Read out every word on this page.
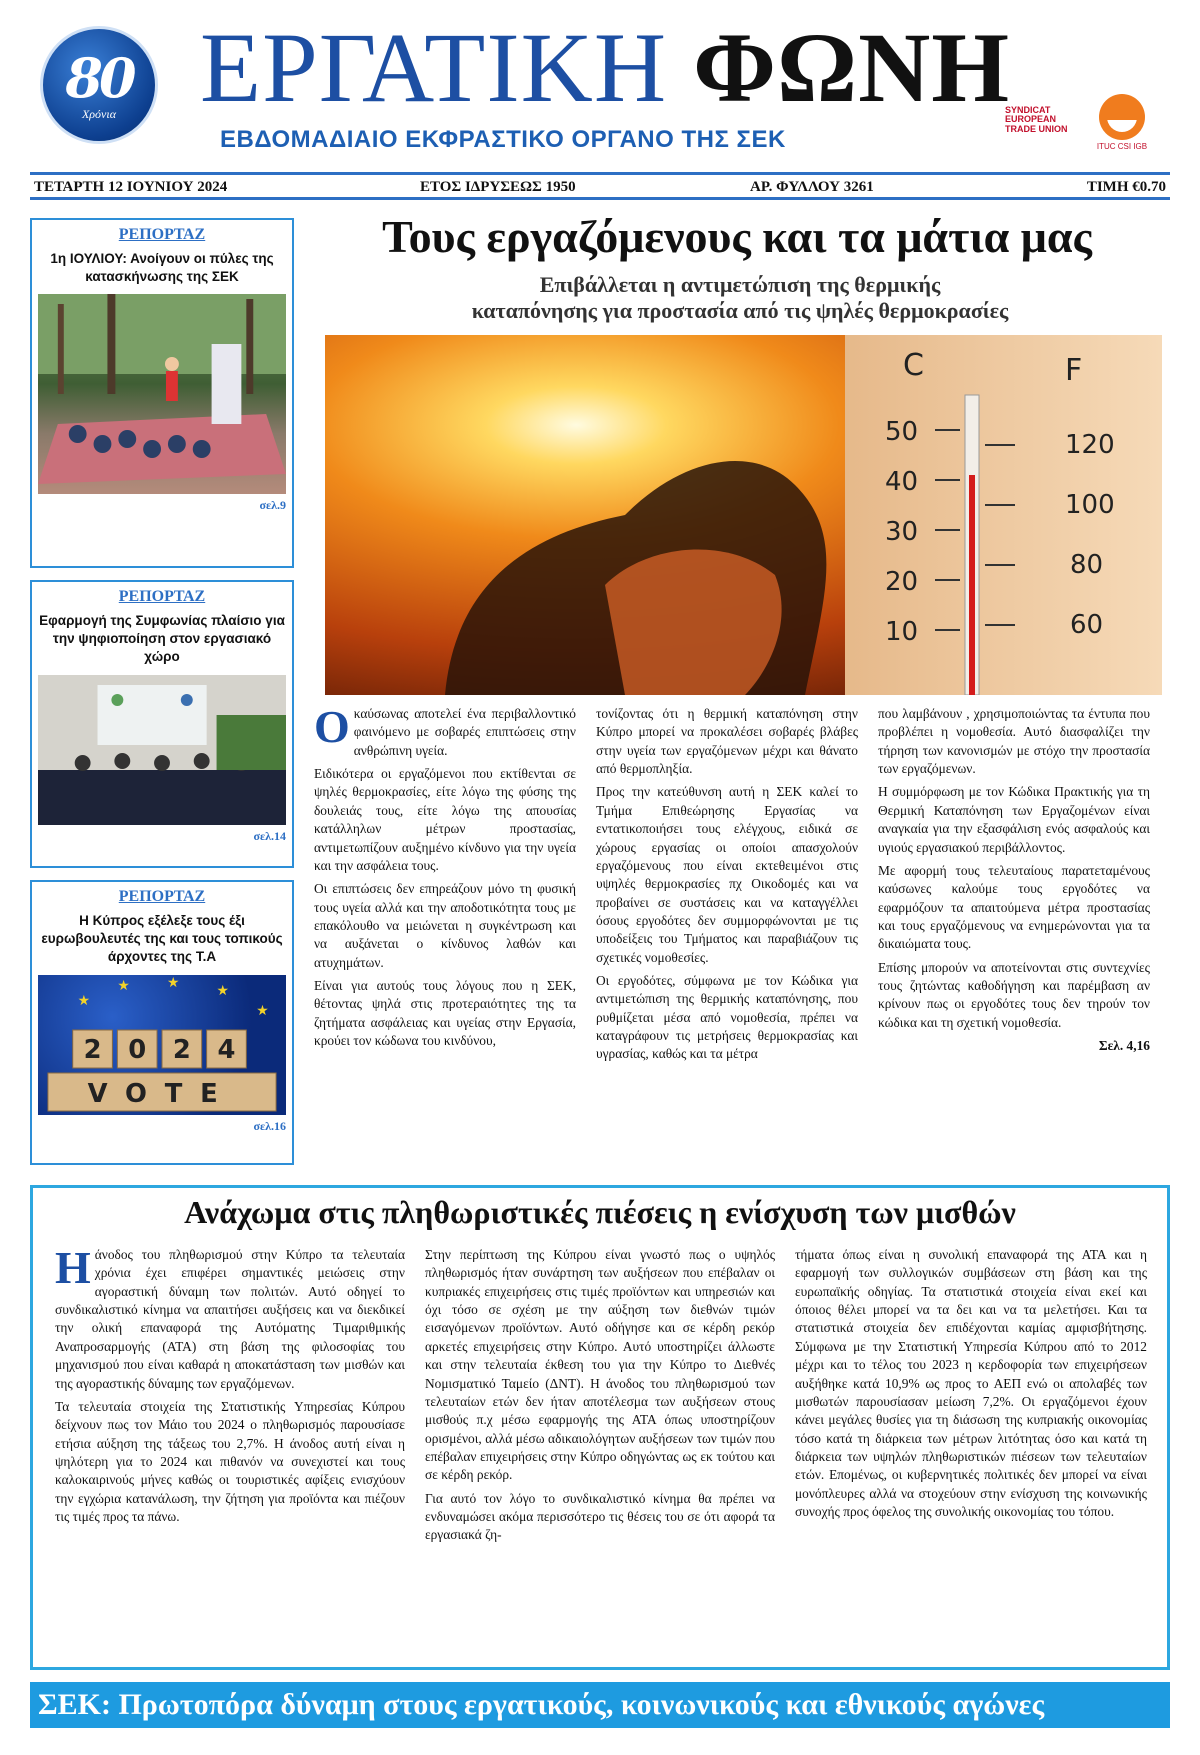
80
Χρόνια ΕΡΓΑΤΙΚΗ ΦΩΝΗ
ΕΒΔΟΜΑΔΙΑΙΟ ΕΚΦΡΑΣΤΙΚΟ ΟΡΓΑΝΟ ΤΗΣ ΣΕΚ
SYNDICAT
EUROPEAN
TRADE UNION
ITUC CSI IGB
ΤΕΤΑΡΤΗ 12 ΙΟΥΝΙΟΥ 2024	ΕΤΟΣ ΙΔΡΥΣΕΩΣ 1950	ΑΡ. ΦΥΛΛΟΥ 3261	ΤΙΜΗ €0.70
ΡΕΠΟΡΤΑΖ
1η ΙΟΥΛΙΟΥ: Ανοίγουν οι πύλες της κατασκήνωσης της ΣΕΚ
σελ.9
ΡΕΠΟΡΤΑΖ
Εφαρμογή της Συμφωνίας πλαίσιο για την ψηφιοποίηση στον εργασιακό χώρο
σελ.14
ΡΕΠΟΡΤΑΖ
Η Κύπρος εξέλεξε τους έξι ευρωβουλευτές της και τους τοπικούς άρχοντες της Τ.Α
★
★	★
★
★
2 0 2 4
VOTE
σελ.16
Τους εργαζόμενους και τα μάτια μας
Επιβάλλεται η αντιμετώπιση της θερμικής
καταπόνησης για προστασία από τις ψηλές θερμοκρασίες
C	F
50
40
30
20
10
120
100
80
60

Οκαύσωνας αποτελεί ένα περιβαλλοντικό φαινόμενο με σοβαρές επιπτώσεις στην ανθρώπινη υγεία.

Ειδικότερα οι εργαζόμενοι που εκτίθενται σε ψηλές θερμοκρασίες, είτε λόγω της φύσης της δουλειάς τους, είτε λόγω της απουσίας κατάλληλων μέτρων προστασίας, αντιμετωπίζουν αυξημένο κίνδυνο για την υγεία και την ασφάλεια τους.

Οι επιπτώσεις δεν επηρεάζουν μόνο τη φυσική τους υγεία αλλά και την αποδοτικότητα τους με επακόλουθο να μειώνεται η συγκέντρωση και να αυξάνεται ο κίνδυνος λαθών και ατυχημάτων.

Είναι για αυτούς τους λόγους που η ΣΕΚ, θέτοντας ψηλά στις προτεραιότητες της τα ζητήματα ασφάλειας και υγείας στην Εργασία, κρούει τον κώδωνα του κινδύνου,

τονίζοντας ότι η θερμική καταπόνηση στην Κύπρο μπορεί να προκαλέσει σοβαρές βλάβες στην υγεία των εργαζόμενων μέχρι και θάνατο από θερμοπληξία.

Προς την κατεύθυνση αυτή η ΣΕΚ καλεί το Τμήμα Επιθεώρησης Εργασίας να εντατικοποιήσει τους ελέγχους, ειδικά σε χώρους εργασίας οι οποίοι απασχολούν εργαζόμενους που είναι εκτεθειμένοι στις υψηλές θερμοκρασίες πχ Οικοδομές και να προβαίνει σε συστάσεις και να καταγγέλλει όσους εργοδότες δεν συμμορφώνονται με τις υποδείξεις του Τμήματος και παραβιάζουν τις σχετικές νομοθεσίες.

Οι εργοδότες, σύμφωνα με τον Κώδικα για αντιμετώπιση της θερμικής καταπόνησης, που ρυθμίζεται μέσα από νομοθεσία, πρέπει να καταγράφουν τις μετρήσεις θερμοκρασίας και υγρασίας, καθώς και τα μέτρα

που λαμβάνουν , χρησιμοποιώντας τα έντυπα που προβλέπει η νομοθεσία. Αυτό διασφαλίζει την τήρηση των κανονισμών με στόχο την προστασία των εργαζόμενων.

Η συμμόρφωση με τον Κώδικα Πρακτικής για τη Θερμική Καταπόνηση των Εργαζομένων είναι αναγκαία για την εξασφάλιση ενός ασφαλούς και υγιούς εργασιακού περιβάλλοντος.

Με αφορμή τους τελευταίους παρατεταμένους καύσωνες καλούμε τους εργοδότες να εφαρμόζουν τα απαιτούμενα μέτρα προστασίας και τους εργαζόμενους να ενημερώνονται για τα δικαιώματα τους.

Επίσης μπορούν να αποτείνονται στις συντεχνίες τους ζητώντας καθοδήγηση και παρέμβαση αν κρίνουν πως οι εργοδότες τους δεν τηρούν τον κώδικα και τη σχετική νομοθεσία.

Σελ. 4,16
Ανάχωμα στις πληθωριστικές πιέσεις η ενίσχυση των μισθών

Ηάνοδος του πληθωρισμού στην Κύπρο τα τελευταία χρόνια έχει επιφέρει σημαντικές μειώσεις στην αγοραστική δύναμη των πολιτών. Αυτό οδηγεί το συνδικαλιστικό κίνημα να απαιτήσει αυξήσεις και να διεκδικεί την ολική επαναφορά της Αυτόματης Τιμαριθμικής Αναπροσαρμογής (ΑΤΑ) στη βάση της φιλοσοφίας του μηχανισμού που είναι καθαρά η αποκατάσταση των μισθών και της αγοραστικής δύναμης των εργαζόμενων.

Τα τελευταία στοιχεία της Στατιστικής Υπηρεσίας Κύπρου δείχνουν πως τον Μάιο του 2024 ο πληθωρισμός παρουσίασε ετήσια αύξηση της τάξεως του 2,7%. Η άνοδος αυτή είναι η ψηλότερη για το 2024 και πιθανόν να συνεχιστεί και τους καλοκαιρινούς μήνες καθώς οι τουριστικές αφίξεις ενισχύουν την εγχώρια κατανάλωση, την ζήτηση για προϊόντα και πιέζουν τις τιμές προς τα πάνω.

Στην περίπτωση της Κύπρου είναι γνωστό πως ο υψηλός πληθωρισμός ήταν συνάρτηση των αυξήσεων που επέβαλαν οι κυπριακές επιχειρήσεις στις τιμές προϊόντων και υπηρεσιών και όχι τόσο σε σχέση με την αύξηση των διεθνών τιμών εισαγόμενων προϊόντων. Αυτό οδήγησε και σε κέρδη ρεκόρ αρκετές επιχειρήσεις στην Κύπρο. Αυτό υποστηρίζει άλλωστε και στην τελευταία έκθεση του για την Κύπρο το Διεθνές Νομισματικό Ταμείο (ΔΝΤ). Η άνοδος του πληθωρισμού των τελευταίων ετών δεν ήταν αποτέλεσμα των αυξήσεων στους μισθούς π.χ μέσω εφαρμογής της ΑΤΑ όπως υποστηρίζουν ορισμένοι, αλλά μέσω αδικαιολόγητων αυξήσεων των τιμών που επέβαλαν επιχειρήσεις στην Κύπρο οδηγώντας ως εκ τούτου και σε κέρδη ρεκόρ.

Για αυτό τον λόγο το συνδικαλιστικό κίνημα θα πρέπει να ενδυναμώσει ακόμα περισσότερο τις θέσεις του σε ότι αφορά τα εργασιακά ζη-

τήματα όπως είναι η συνολική επαναφορά της ΑΤΑ και η εφαρμογή των συλλογικών συμβάσεων στη βάση και της ευρωπαϊκής οδηγίας. Τα στατιστικά στοιχεία είναι εκεί και όποιος θέλει μπορεί να τα δει και να τα μελετήσει. Και τα στατιστικά στοιχεία δεν επιδέχονται καμίας αμφισβήτησης. Σύμφωνα με την Στατιστική Υπηρεσία Κύπρου από το 2012 μέχρι και το τέλος του 2023 η κερδοφορία των επιχειρήσεων αυξήθηκε κατά 10,9% ως προς το ΑΕΠ ενώ οι απολαβές των μισθωτών παρουσίασαν μείωση 7,2%. Οι εργαζόμενοι έχουν κάνει μεγάλες θυσίες για τη διάσωση της κυπριακής οικονομίας τόσο κατά τη διάρκεια των μέτρων λιτότητας όσο και κατά τη διάρκεια των υψηλών πληθωριστικών πιέσεων των τελευταίων ετών. Επομένως, οι κυβερνητικές πολιτικές δεν μπορεί να είναι μονόπλευρες αλλά να στοχεύουν στην ενίσχυση της κοινωνικής συνοχής προς όφελος της συνολικής οικονομίας του τόπου.

ΣΕΚ: Πρωτοπόρα δύναμη στους εργατικούς, κοινωνικούς και εθνικούς αγώνες
